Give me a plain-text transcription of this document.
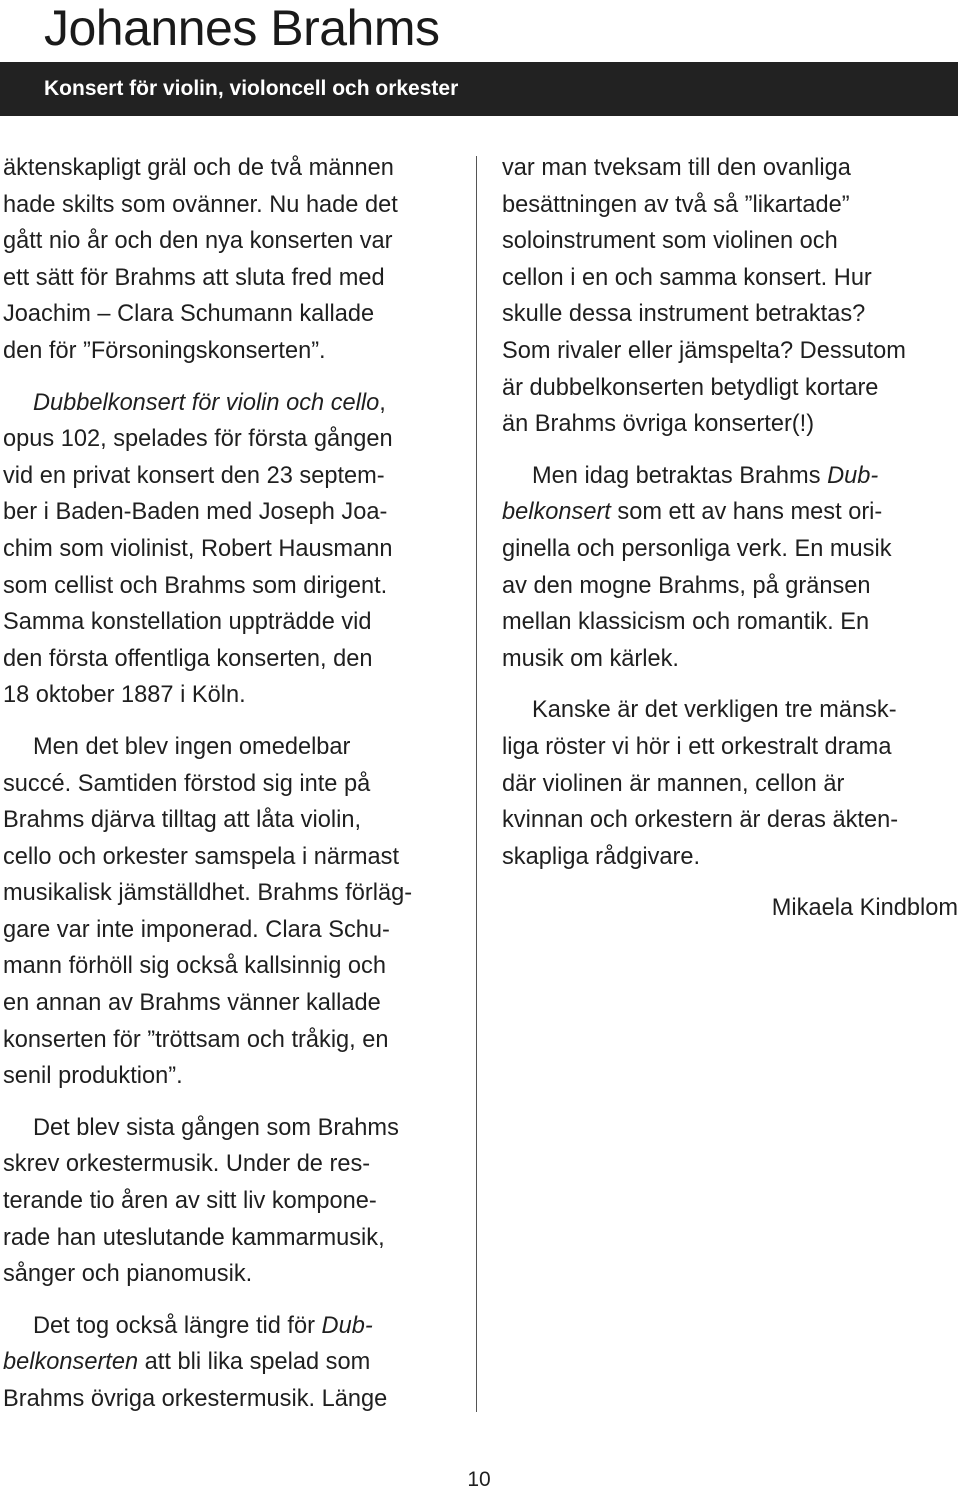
Johannes Brahms
Konsert för violin, violoncell och orkester

äktenskapligt gräl och de två männen

hade skilts som ovänner. Nu hade det

gått nio år och den nya konserten var

ett sätt för Brahms att sluta fred med

Joachim – Clara Schumann kallade

den för ”Försoningskonserten”.

Dubbelkonsert för violin och cello,

opus 102, spelades för första gången

vid en privat konsert den 23 septem-

ber i Baden-Baden med Joseph Joa-

chim som violinist, Robert Hausmann

som cellist och Brahms som dirigent.

Samma konstellation uppträdde vid

den första offentliga konserten, den

18 oktober 1887 i Köln.

Men det blev ingen omedelbar

succé. Samtiden förstod sig inte på

Brahms djärva tilltag att låta violin,

cello och orkester samspela i närmast

musikalisk jämställdhet. Brahms förläg-

gare var inte imponerad. Clara Schu-

mann förhöll sig också kallsinnig och

en annan av Brahms vänner kallade

konserten för ”tröttsam och tråkig, en

senil produktion”.

Det blev sista gången som Brahms

skrev orkestermusik. Under de res-

terande tio åren av sitt liv kompone-

rade han uteslutande kammarmusik,

sånger och pianomusik.

Det tog också längre tid för Dub-

belkonserten att bli lika spelad som

Brahms övriga orkestermusik. Länge

var man tveksam till den ovanliga

besättningen av två så ”likartade”

soloinstrument som violinen och

cellon i en och samma konsert. Hur

skulle dessa instrument betraktas?

Som rivaler eller jämspelta? Dessutom

är dubbelkonserten betydligt kortare

än Brahms övriga konserter(!)

Men idag betraktas Brahms Dub-

belkonsert som ett av hans mest ori-

ginella och personliga verk. En musik

av den mogne Brahms, på gränsen

mellan klassicism och romantik. En

musik om kärlek.

Kanske är det verkligen tre mänsk-

liga röster vi hör i ett orkestralt drama

där violinen är mannen, cellon är

kvinnan och orkestern är deras äkten-

skapliga rådgivare.

Mikaela Kindblom

10
